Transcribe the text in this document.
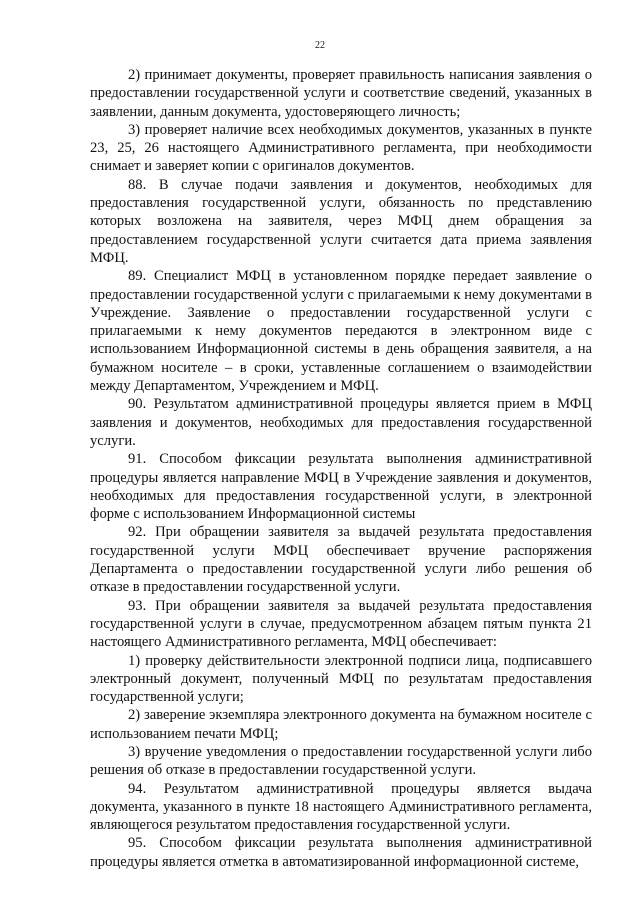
22

2) принимает документы, проверяет правильность написания заявления о предоставлении государственной услуги и соответствие сведений, указанных в заявлении, данным документа, удостоверяющего личность;

3) проверяет наличие всех необходимых документов, указанных в пункте 23, 25, 26 настоящего Административного регламента, при необходимости снимает и заверяет копии с оригиналов документов.

88. В случае подачи заявления и документов, необходимых для предоставления государственной услуги, обязанность по представлению которых возложена на заявителя, через МФЦ днем обращения за предоставлением государственной услуги считается дата приема заявления МФЦ.

89. Специалист МФЦ в установленном порядке передает заявление о предоставлении государственной услуги с прилагаемыми к нему документами в Учреждение. Заявление о предоставлении государственной услуги с прилагаемыми к нему документов передаются в электронном виде с использованием Информационной системы в день обращения заявителя, а на бумажном носителе – в сроки, уставленные соглашением о взаимодействии между Департаментом, Учреждением и МФЦ.

90. Результатом административной процедуры является прием в МФЦ заявления и документов, необходимых для предоставления государственной услуги.

91. Способом фиксации результата выполнения административной процедуры является направление МФЦ в Учреждение заявления и документов, необходимых для предоставления государственной услуги, в электронной форме с использованием Информационной системы

92. При обращении заявителя за выдачей результата предоставления государственной услуги МФЦ обеспечивает вручение распоряжения Департамента о предоставлении государственной услуги либо решения об отказе в предоставлении государственной услуги.

93. При обращении заявителя за выдачей результата предоставления государственной услуги в случае, предусмотренном абзацем пятым пункта 21 настоящего Административного регламента, МФЦ обеспечивает:

1) проверку действительности электронной подписи лица, подписавшего электронный документ, полученный МФЦ по результатам предоставления государственной услуги;

2) заверение экземпляра электронного документа на бумажном носителе с использованием печати МФЦ;

3) вручение уведомления о предоставлении государственной услуги либо решения об отказе в предоставлении государственной услуги.

94. Результатом административной процедуры является выдача документа, указанного в пункте 18 настоящего Административного регламента, являющегося результатом предоставления государственной услуги.

95. Способом фиксации результата выполнения административной процедуры является отметка в автоматизированной информационной системе,
